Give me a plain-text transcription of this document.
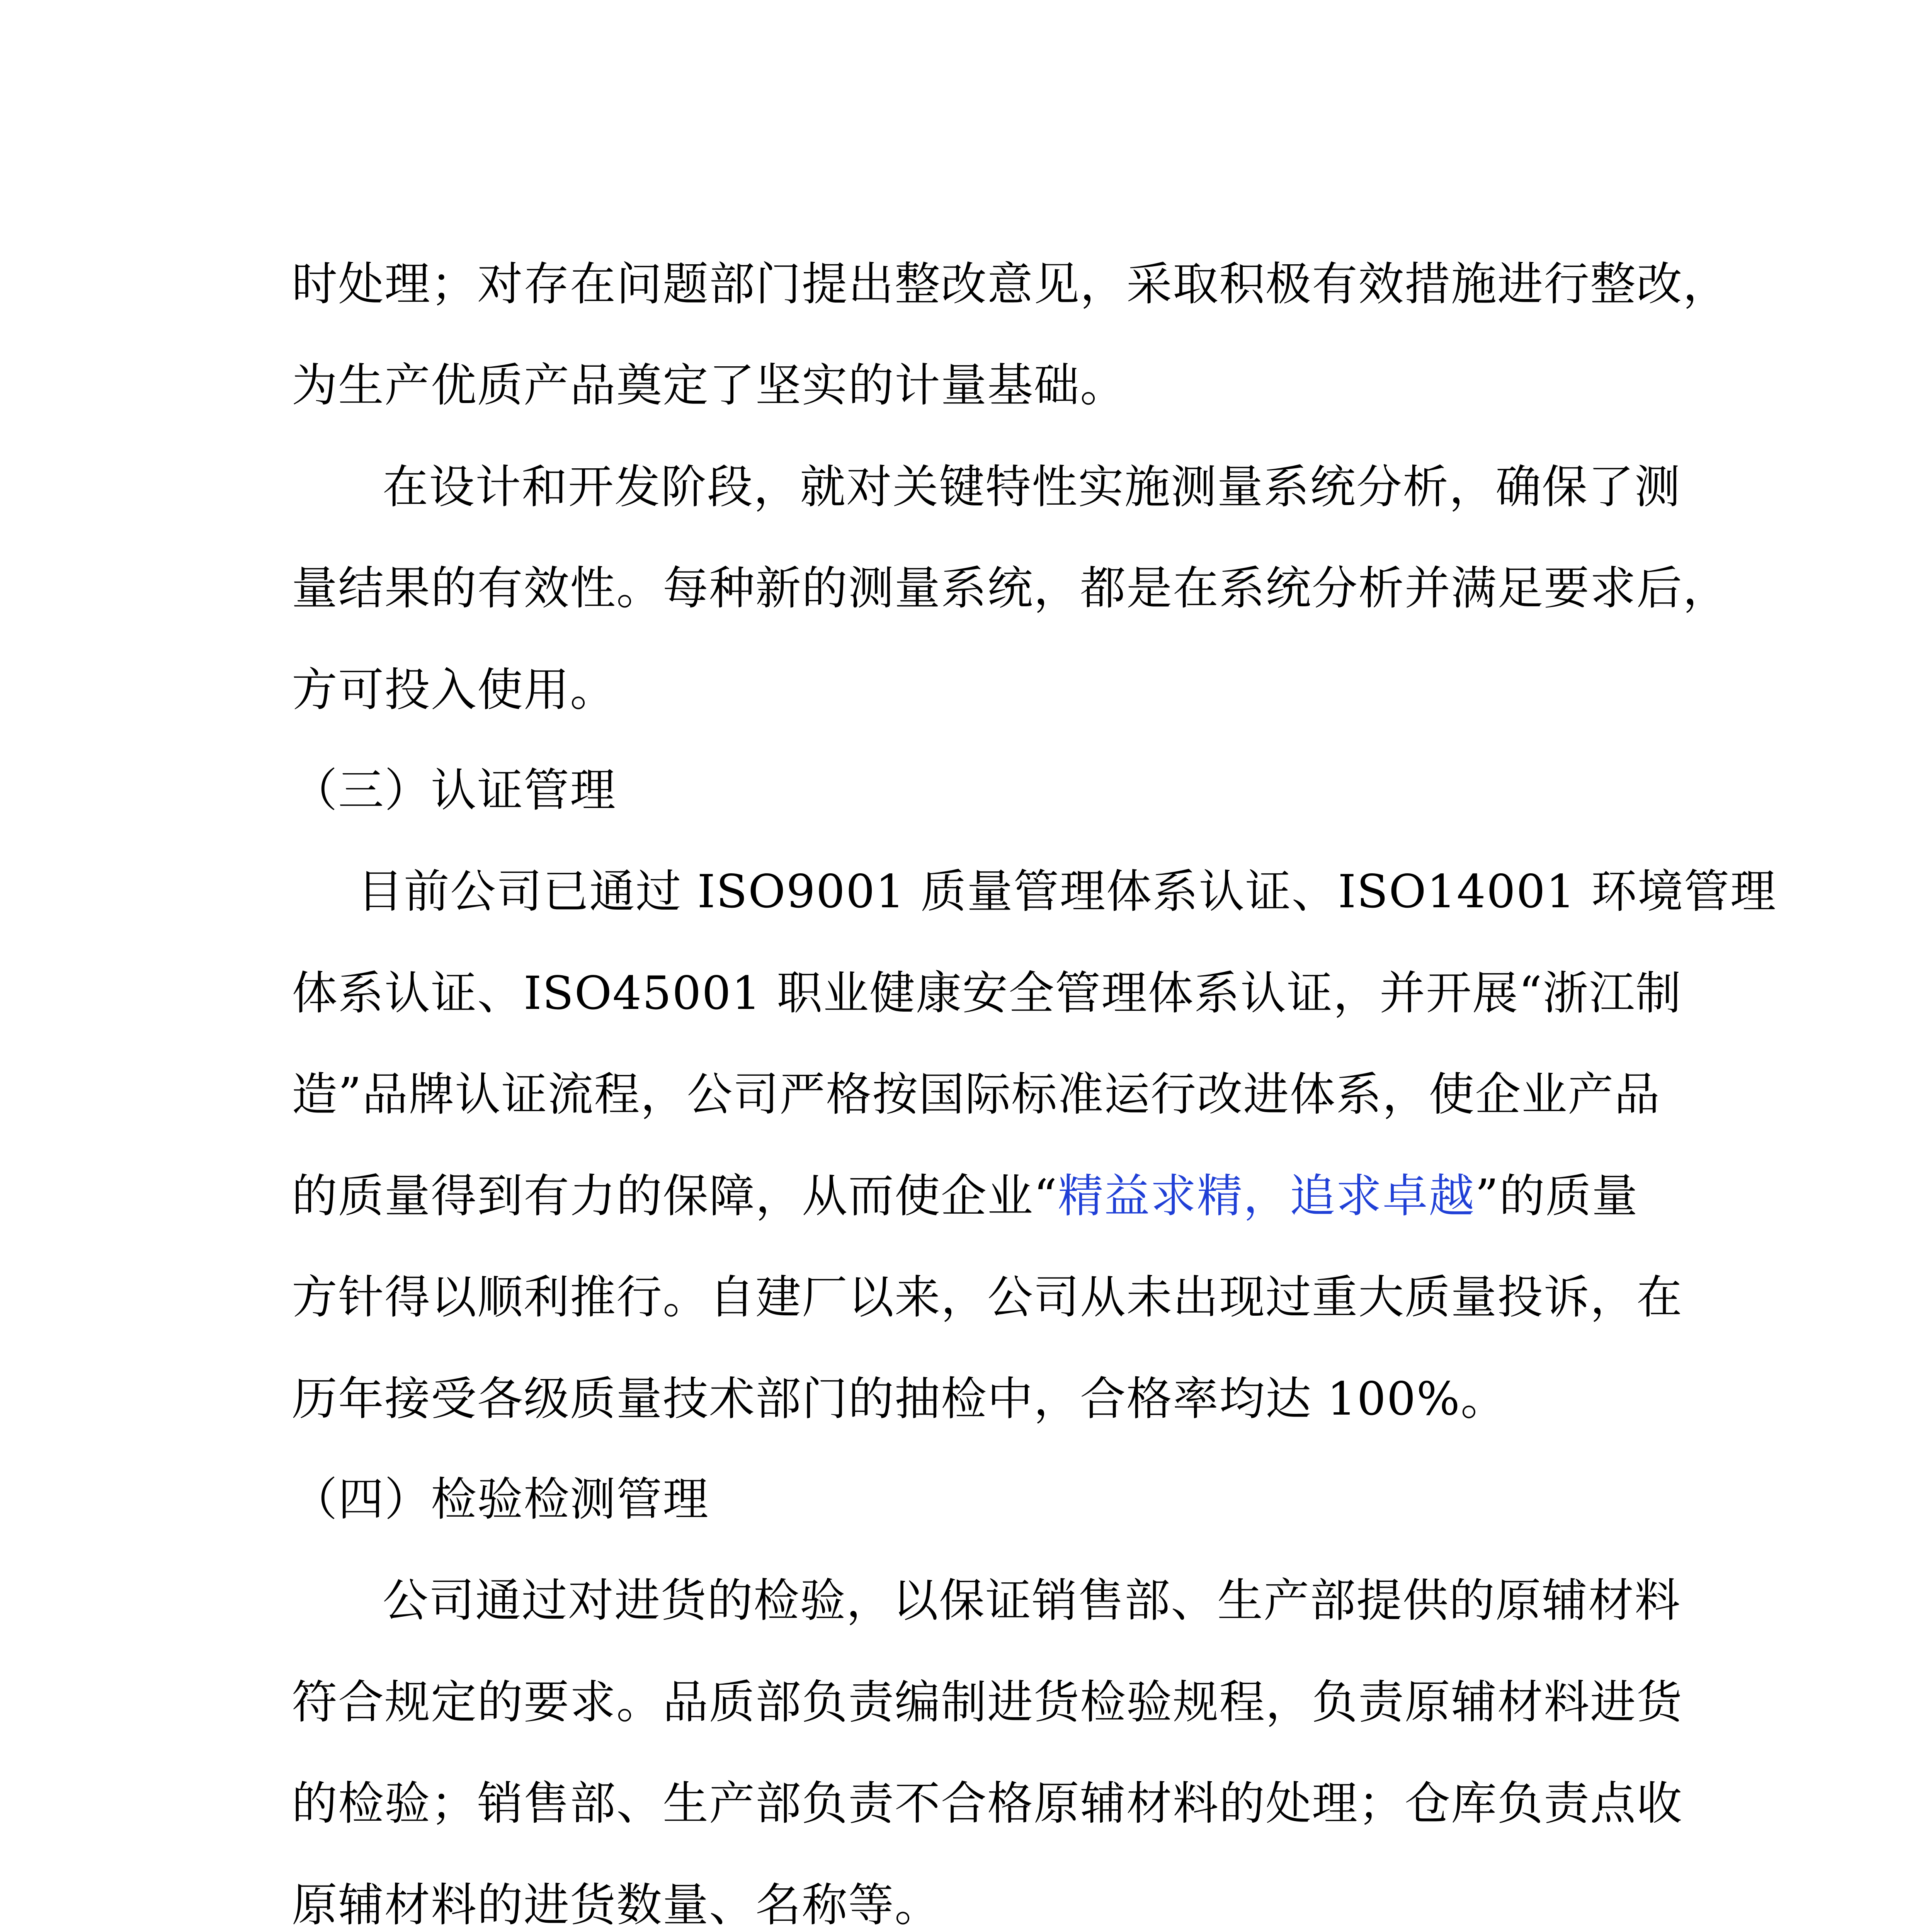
时处理；对存在问题部门提出整改意见，采取积极有效措施进行整改，
为生产优质产品奠定了坚实的计量基础。
在设计和开发阶段，就对关键特性实施测量系统分析，确保了测
量结果的有效性。每种新的测量系统，都是在系统分析并满足要求后，
方可投入使用。
（三）认证管理
目前公司已通过 ISO9001 质量管理体系认证、ISO14001 环境管理
体系认证、ISO45001 职业健康安全管理体系认证，并开展“浙江制
造”品牌认证流程，公司严格按国际标准运行改进体系，使企业产品
的质量得到有力的保障，从而使企业“精益求精，追求卓越”的质量
方针得以顺利推行。自建厂以来，公司从未出现过重大质量投诉，在
历年接受各级质量技术部门的抽检中，合格率均达 100%。
（四）检验检测管理
公司通过对进货的检验，以保证销售部、生产部提供的原辅材料
符合规定的要求。品质部负责编制进货检验规程，负责原辅材料进货
的检验；销售部、生产部负责不合格原辅材料的处理；仓库负责点收
原辅材料的进货数量、名称等。
